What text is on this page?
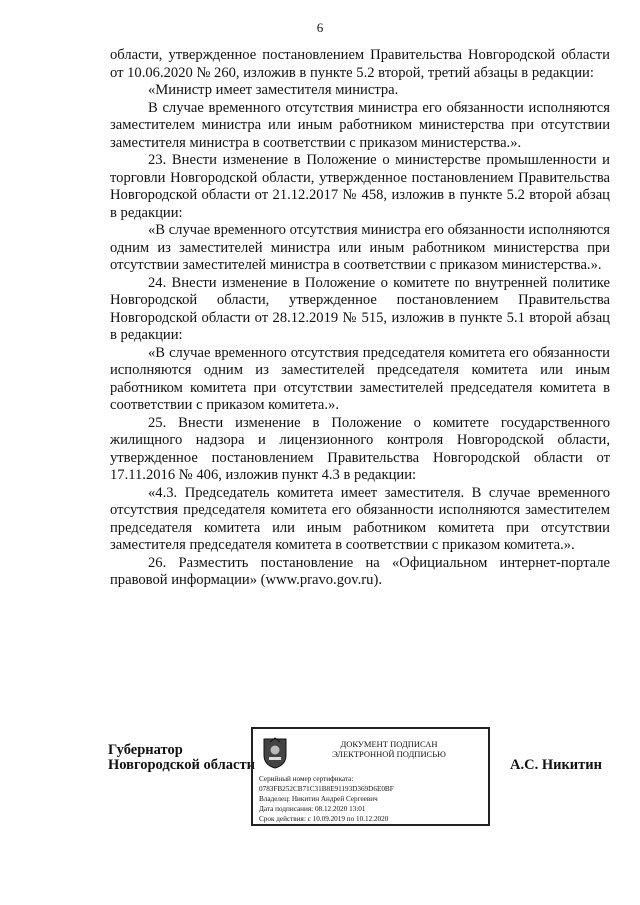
6

области, утвержденное постановлением Правительства Новгородской области от 10.06.2020 № 260, изложив в пункте 5.2 второй, третий абзацы в редакции:

«Министр имеет заместителя министра.

В случае временного отсутствия министра его обязанности исполняются заместителем министра или иным работником министерства при отсутствии заместителя министра в соответствии с приказом министерства.».

23. Внести изменение в Положение о министерстве промышленности и торговли Новгородской области, утвержденное постановлением Правительства Новгородской области от 21.12.2017 № 458, изложив в пункте 5.2 второй абзац в редакции:

«В случае временного отсутствия министра его обязанности исполняются одним из заместителей министра или иным работником министерства при отсутствии заместителей министра в соответствии с приказом министерства.».

24. Внести изменение в Положение о комитете по внутренней политике Новгородской области, утвержденное постановлением Правительства Новгородской области от 28.12.2019 № 515, изложив в пункте 5.1 второй абзац в редакции:

«В случае временного отсутствия председателя комитета его обязанности исполняются одним из заместителей председателя комитета или иным работником комитета при отсутствии заместителей председателя комитета в соответствии с приказом комитета.».

25. Внести изменение в Положение о комитете государственного жилищного надзора и лицензионного контроля Новгородской области, утвержденное постановлением Правительства Новгородской области от 17.11.2016 № 406, изложив пункт 4.3 в редакции:

«4.3. Председатель комитета имеет заместителя. В случае временного отсутствия председателя комитета его обязанности исполняются заместителем председателя комитета или иным работником комитета при отсутствии заместителя председателя комитета в соответствии с приказом комитета.».

26. Разместить постановление на «Официальном интернет-портале правовой информации» (www.pravo.gov.ru).

Губернатор
Новгородской области
ДОКУМЕНТ ПОДПИСАН
ЭЛЕКТРОННОЙ ПОДПИСЬЮ
Серийный номер сертификата:
0783FB252CB71C31B8E91193D369D6E0BF
Владелец: Никитин Андрей Сергеевич
Дата подписания: 08.12.2020 13:01
Срок действия: с 10.09.2019 по 10.12.2020
А.С. Никитин
